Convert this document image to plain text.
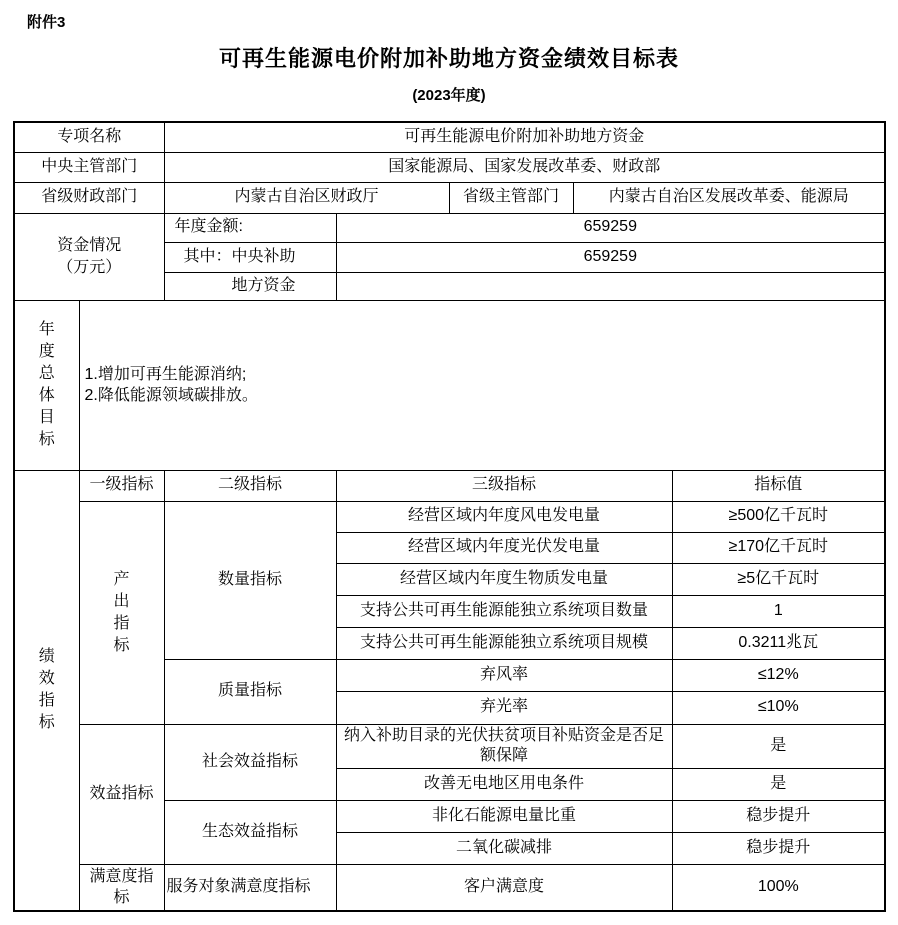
附件3
可再生能源电价附加补助地方资金绩效目标表
(2023年度)
专项名称		可再生能源电价附加补助地方资金				
中央主管部门		国家能源局、国家发展改革委、财政部				
省级财政部门		内蒙古自治区财政厅		省级主管部门	内蒙古自治区发展改革委、能源局	

资金情况
（万元）		年度金额:	659259			
		其中：中央补助	659259			
		地方资金				

年度总体目标	1.增加可再生能源消纳;
2.降低能源领域碳排放。					

绩效指标	一级指标	二级指标	三级指标			指标值

	产出指标	数量指标	经营区域内年度风电发电量			≥500亿千瓦时
			经营区域内年度光伏发电量			≥170亿千瓦时
			经营区域内年度生物质发电量			≥5亿千瓦时
			支持公共可再生能源能独立系统项目数量			1
			支持公共可再生能源能独立系统项目规模			0.3211兆瓦
		质量指标	弃风率			≤12%
			弃光率			≤10%
	效益指标	社会效益指标	纳入补助目录的光伏扶贫项目补贴资金是否足额保障			是
			改善无电地区用电条件			是
		生态效益指标	非化石能源电量比重			稳步提升
			二氧化碳减排			稳步提升
	满意度指标	服务对象满意度指标	客户满意度			100%
